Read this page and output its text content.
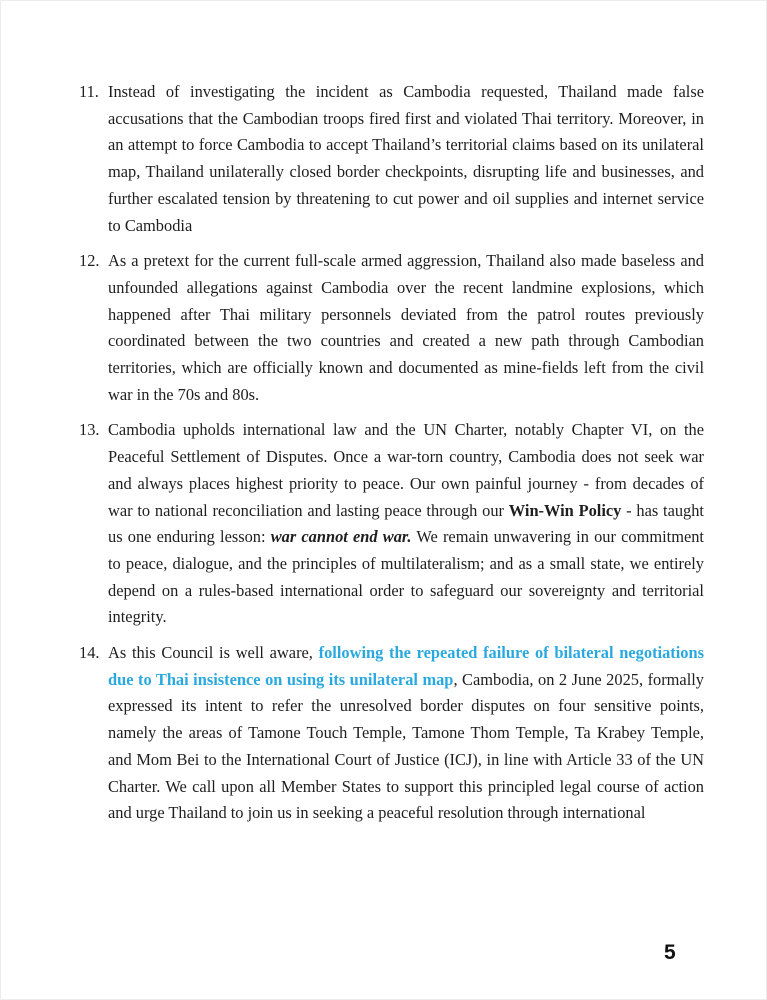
11. Instead of investigating the incident as Cambodia requested, Thailand made false accusations that the Cambodian troops fired first and violated Thai territory. Moreover, in an attempt to force Cambodia to accept Thailand’s territorial claims based on its unilateral map, Thailand unilaterally closed border checkpoints, disrupting life and businesses, and further escalated tension by threatening to cut power and oil supplies and internet service to Cambodia
12. As a pretext for the current full-scale armed aggression, Thailand also made baseless and unfounded allegations against Cambodia over the recent landmine explosions, which happened after Thai military personnels deviated from the patrol routes previously coordinated between the two countries and created a new path through Cambodian territories, which are officially known and documented as mine-fields left from the civil war in the 70s and 80s.
13. Cambodia upholds international law and the UN Charter, notably Chapter VI, on the Peaceful Settlement of Disputes. Once a war-torn country, Cambodia does not seek war and always places highest priority to peace. Our own painful journey - from decades of war to national reconciliation and lasting peace through our Win-Win Policy - has taught us one enduring lesson: war cannot end war. We remain unwavering in our commitment to peace, dialogue, and the principles of multilateralism; and as a small state, we entirely depend on a rules-based international order to safeguard our sovereignty and territorial integrity.
14. As this Council is well aware, following the repeated failure of bilateral negotiations due to Thai insistence on using its unilateral map, Cambodia, on 2 June 2025, formally expressed its intent to refer the unresolved border disputes on four sensitive points, namely the areas of Tamone Touch Temple, Tamone Thom Temple, Ta Krabey Temple, and Mom Bei to the International Court of Justice (ICJ), in line with Article 33 of the UN Charter. We call upon all Member States to support this principled legal course of action and urge Thailand to join us in seeking a peaceful resolution through international
5
